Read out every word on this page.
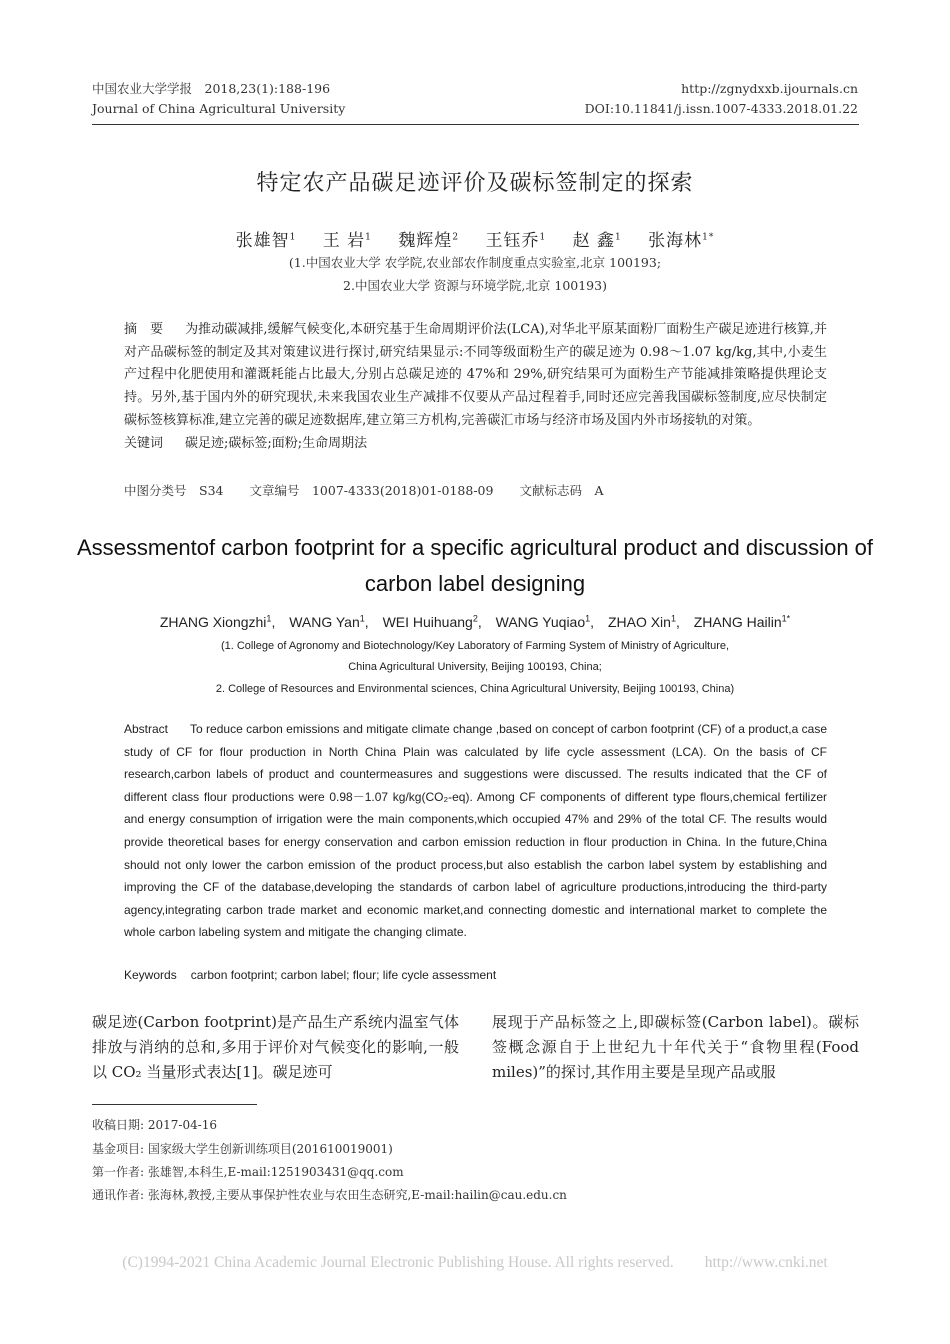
中国农业大学学报　2018,23(1):188-196
Journal of China Agricultural University
http://zgnydxxb.ijournals.cn
DOI:10.11841/j.issn.1007-4333.2018.01.22
特定农产品碳足迹评价及碳标签制定的探索
张雄智$^1$ 王 岩$^1$ 魏辉煌$^2$ 王钰乔$^1$ 赵 鑫$^1$ 张海林$^{1*}$
(1.中国农业大学 农学院,农业部农作制度重点实验室,北京 100193;
2.中国农业大学 资源与环境学院,北京 100193)
摘　要 为推动碳减排,缓解气候变化,本研究基于生命周期评价法(LCA),对华北平原某面粉厂面粉生产碳足迹进行核算,并对产品碳标签的制定及其对策建议进行探讨,研究结果显示:不同等级面粉生产的碳足迹为 0.98～1.07 kg/kg,其中,小麦生产过程中化肥使用和灌溉耗能占比最大,分别占总碳足迹的 47%和 29%,研究结果可为面粉生产节能减排策略提供理论支持。另外,基于国内外的研究现状,未来我国农业生产减排不仅要从产品过程着手,同时还应完善我国碳标签制度,应尽快制定碳标签核算标准,建立完善的碳足迹数据库,建立第三方机构,完善碳汇市场与经济市场及国内外市场接轨的对策。
关键词 碳足迹;碳标签;面粉;生命周期法
中图分类号　S34 文章编号　1007-4333(2018)01-0188-09 文献标志码　A
Assessmentof carbon footprint for a specific agricultural product and discussion of carbon label designing
ZHANG Xiongzhi$^1$, WANG Yan$^1$, WEI Huihuang$^2$, WANG Yuqiao$^1$, ZHAO Xin$^1$, ZHANG Hailin$^{1*}$
(1. College of Agronomy and Biotechnology/Key Laboratory of Farming System of Ministry of Agriculture,
China Agricultural University, Beijing 100193, China;
2. College of Resources and Environmental sciences, China Agricultural University, Beijing 100193, China)
Abstract To reduce carbon emissions and mitigate climate change ,based on concept of carbon footprint (CF) of a product,a case study of CF for flour production in North China Plain was calculated by life cycle assessment (LCA). On the basis of CF research,carbon labels of product and countermeasures and suggestions were discussed. The results indicated that the CF of different class flour productions were 0.98－1.07 kg/kg(CO₂-eq). Among CF components of different type flours,chemical fertilizer and energy consumption of irrigation were the main components,which occupied 47% and 29% of the total CF. The results would provide theoretical bases for energy conservation and carbon emission reduction in flour production in China. In the future,China should not only lower the carbon emission of the product process,but also establish the carbon label system by establishing and improving the CF of the database,developing the standards of carbon label of agriculture productions,introducing the third-party agency,integrating carbon trade market and economic market,and connecting domestic and international market to complete the whole carbon labeling system and mitigate the changing climate.
Keywords carbon footprint; carbon label; flour; life cycle assessment
碳足迹(Carbon footprint)是产品生产系统内温室气体排放与消纳的总和,多用于评价对气候变化的影响,一般以 CO₂ 当量形式表达[1]。碳足迹可
展现于产品标签之上,即碳标签(Carbon label)。碳标签概念源自于上世纪九十年代关于“食物里程(Food miles)”的探讨,其作用主要是呈现产品或服
收稿日期: 2017-04-16
基金项目: 国家级大学生创新训练项目(201610019001)
第一作者: 张雄智,本科生,E-mail:1251903431@qq.com
通讯作者: 张海林,教授,主要从事保护性农业与农田生态研究,E-mail:hailin@cau.edu.cn
(C)1994-2021 China Academic Journal Electronic Publishing House. All rights reserved.　　http://www.cnki.net
